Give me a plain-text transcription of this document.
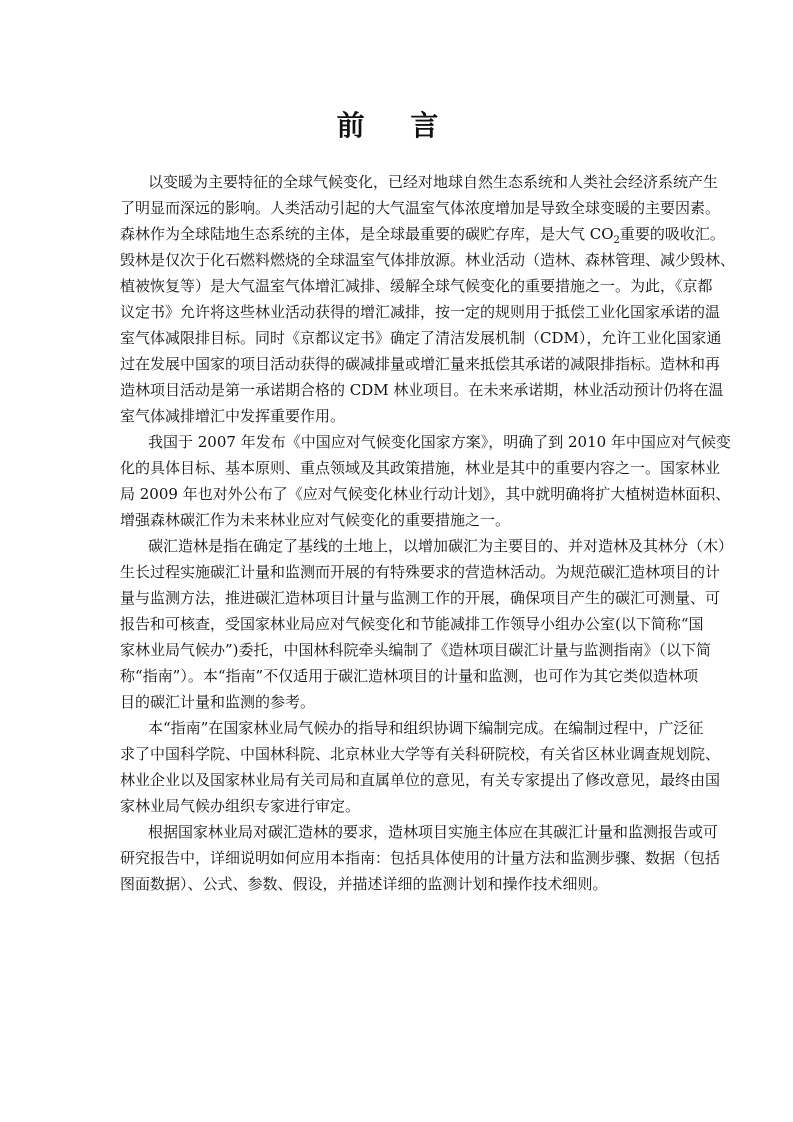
前 言
以变暖为主要特征的全球气候变化，已经对地球自然生态系统和人类社会经济系统产生
了明显而深远的影响。人类活动引起的大气温室气体浓度增加是导致全球变暖的主要因素。
森林作为全球陆地生态系统的主体，是全球最重要的碳贮存库，是大气 $CO_2$重要的吸收汇。
毁林是仅次于化石燃料燃烧的全球温室气体排放源。林业活动（造林、森林管理、减少毁林、
植被恢复等）是大气温室气体增汇减排、缓解全球气候变化的重要措施之一。为此，《京都
议定书》允许将这些林业活动获得的增汇减排，按一定的规则用于抵偿工业化国家承诺的温
室气体减限排目标。同时《京都议定书》确定了清洁发展机制（CDM），允许工业化国家通
过在发展中国家的项目活动获得的碳减排量或增汇量来抵偿其承诺的减限排指标。造林和再
造林项目活动是第一承诺期合格的 CDM 林业项目。在未来承诺期，林业活动预计仍将在温
室气体减排增汇中发挥重要作用。
我国于 2007 年发布《中国应对气候变化国家方案》，明确了到 2010 年中国应对气候变
化的具体目标、基本原则、重点领域及其政策措施，林业是其中的重要内容之一。国家林业
局 2009 年也对外公布了《应对气候变化林业行动计划》，其中就明确将扩大植树造林面积、
增强森林碳汇作为未来林业应对气候变化的重要措施之一。
碳汇造林是指在确定了基线的土地上，以增加碳汇为主要目的、并对造林及其林分（木）
生长过程实施碳汇计量和监测而开展的有特殊要求的营造林活动。为规范碳汇造林项目的计
量与监测方法，推进碳汇造林项目计量与监测工作的开展，确保项目产生的碳汇可测量、可
报告和可核查，受国家林业局应对气候变化和节能减排工作领导小组办公室(以下简称“国
家林业局气候办”)委托，中国林科院牵头编制了《造林项目碳汇计量与监测指南》（以下简
称“指南”）。本“指南”不仅适用于碳汇造林项目的计量和监测，也可作为其它类似造林项
目的碳汇计量和监测的参考。
本“指南”在国家林业局气候办的指导和组织协调下编制完成。在编制过程中，广泛征
求了中国科学院、中国林科院、北京林业大学等有关科研院校，有关省区林业调查规划院、
林业企业以及国家林业局有关司局和直属单位的意见，有关专家提出了修改意见，最终由国
家林业局气候办组织专家进行审定。
根据国家林业局对碳汇造林的要求，造林项目实施主体应在其碳汇计量和监测报告或可
研究报告中，详细说明如何应用本指南：包括具体使用的计量方法和监测步骤、数据（包括
图面数据）、公式、参数、假设，并描述详细的监测计划和操作技术细则。
